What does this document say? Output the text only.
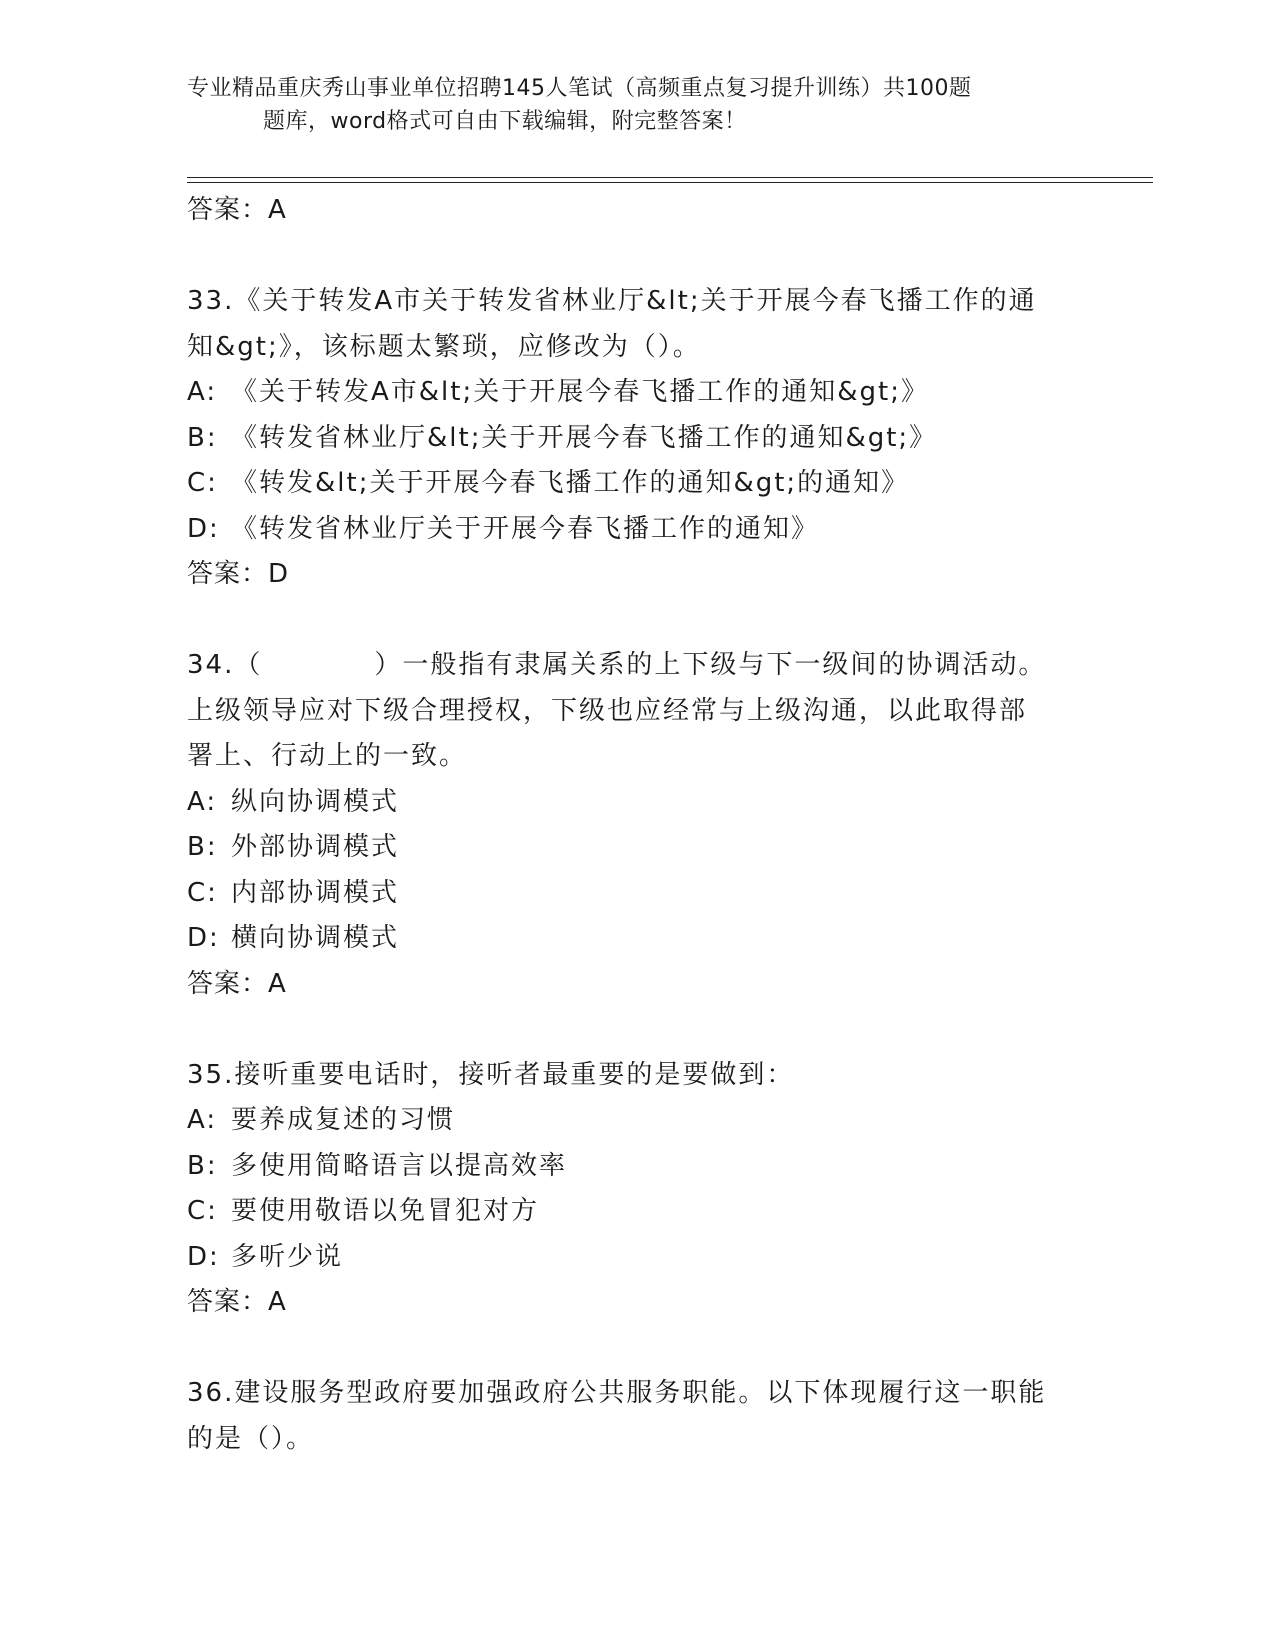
专业精品重庆秀山事业单位招聘145人笔试（高频重点复习提升训练）共100题
题库，word格式可自由下载编辑，附完整答案！
答案：A
33.《关于转发A市关于转发省林业厅&lt;关于开展今春飞播工作的通
知&gt;》，该标题太繁琐，应修改为（）。
A: 《关于转发A市&lt;关于开展今春飞播工作的通知&gt;》
B: 《转发省林业厅&lt;关于开展今春飞播工作的通知&gt;》
C: 《转发&lt;关于开展今春飞播工作的通知&gt;的通知》
D: 《转发省林业厅关于开展今春飞播工作的通知》
答案：D
34.（　　　　）一般指有隶属关系的上下级与下一级间的协调活动。
上级领导应对下级合理授权，下级也应经常与上级沟通，以此取得部
署上、行动上的一致。
A: 纵向协调模式
B: 外部协调模式
C: 内部协调模式
D: 横向协调模式
答案：A
35.接听重要电话时，接听者最重要的是要做到：
A: 要养成复述的习惯
B: 多使用简略语言以提高效率
C: 要使用敬语以免冒犯对方
D: 多听少说
答案：A
36.建设服务型政府要加强政府公共服务职能。以下体现履行这一职能
的是（）。
